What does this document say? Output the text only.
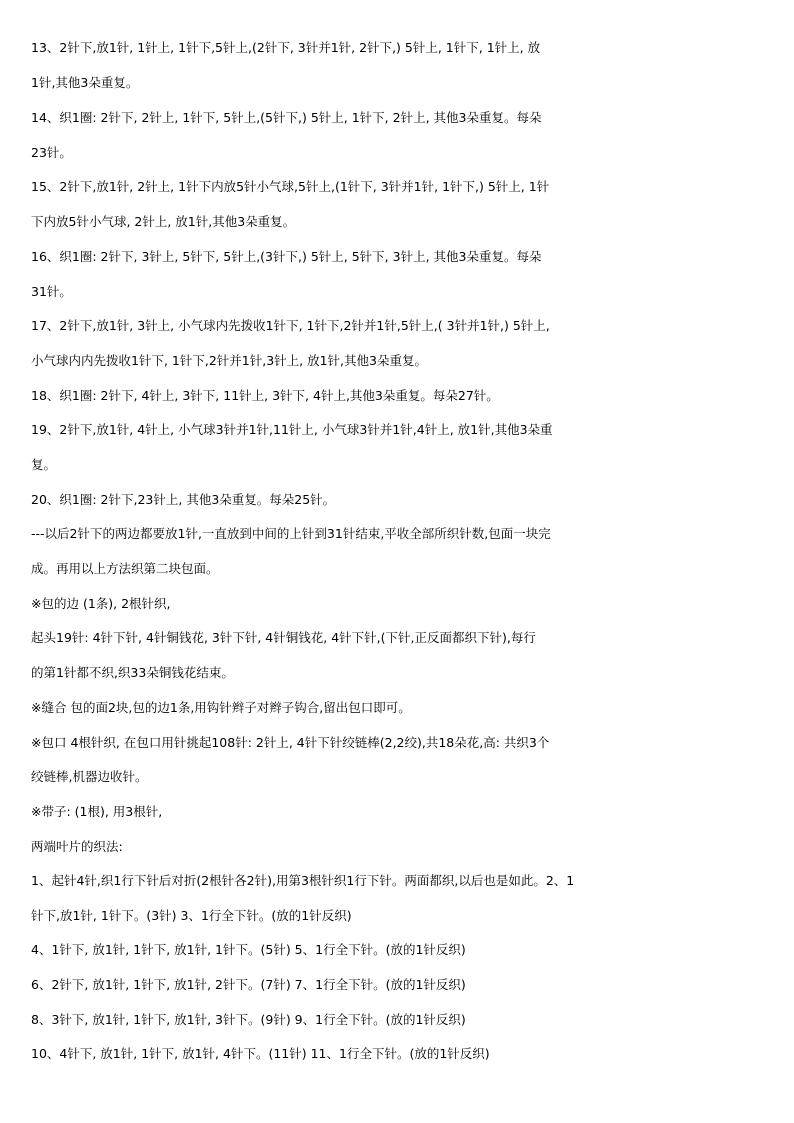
13、2针下,放1针, 1针上, 1针下,5针上,(2针下, 3针并1针, 2针下,) 5针上, 1针下, 1针上, 放
1针,其他3朵重复。
14、织1圈: 2针下, 2针上, 1针下, 5针上,(5针下,) 5针上, 1针下, 2针上, 其他3朵重复。每朵
23针。
15、2针下,放1针, 2针上, 1针下内放5针小气球,5针上,(1针下, 3针并1针, 1针下,) 5针上, 1针
下内放5针小气球, 2针上, 放1针,其他3朵重复。
16、织1圈: 2针下, 3针上, 5针下, 5针上,(3针下,) 5针上, 5针下, 3针上, 其他3朵重复。每朵
31针。
17、2针下,放1针, 3针上, 小气球内先拨收1针下, 1针下,2针并1针,5针上,( 3针并1针,) 5针上,
小气球内内先拨收1针下, 1针下,2针并1针,3针上, 放1针,其他3朵重复。
18、织1圈: 2针下, 4针上, 3针下, 11针上, 3针下, 4针上,其他3朵重复。每朵27针。
19、2针下,放1针, 4针上, 小气球3针并1针,11针上, 小气球3针并1针,4针上, 放1针,其他3朵重
复。
20、织1圈: 2针下,23针上, 其他3朵重复。每朵25针。
---以后2针下的两边都要放1针,一直放到中间的上针到31针结束,平收全部所织针数,包面一块完
成。再用以上方法织第二块包面。
※包的边 (1条), 2根针织,
起头19针: 4针下针, 4针铜钱花, 3针下针, 4针铜钱花, 4针下针,(下针,正反面都织下针),每行
的第1针都不织,织33朵铜钱花结束。
※缝合 包的面2块,包的边1条,用钩针辫子对辫子钩合,留出包口即可。
※包口 4根针织, 在包口用针挑起108针: 2针上, 4针下针绞链棒(2,2绞),共18朵花,高: 共织3个
绞链棒,机器边收针。
※带子: (1根), 用3根针,
两端叶片的织法:
1、起针4针,织1行下针后对折(2根针各2针),用第3根针织1行下针。两面都织,以后也是如此。2、1
针下,放1针, 1针下。(3针) 3、1行全下针。(放的1针反织)
4、1针下, 放1针, 1针下, 放1针, 1针下。(5针) 5、1行全下针。(放的1针反织)
6、2针下, 放1针, 1针下, 放1针, 2针下。(7针) 7、1行全下针。(放的1针反织)
8、3针下, 放1针, 1针下, 放1针, 3针下。(9针) 9、1行全下针。(放的1针反织)
10、4针下, 放1针, 1针下, 放1针, 4针下。(11针) 11、1行全下针。(放的1针反织)
